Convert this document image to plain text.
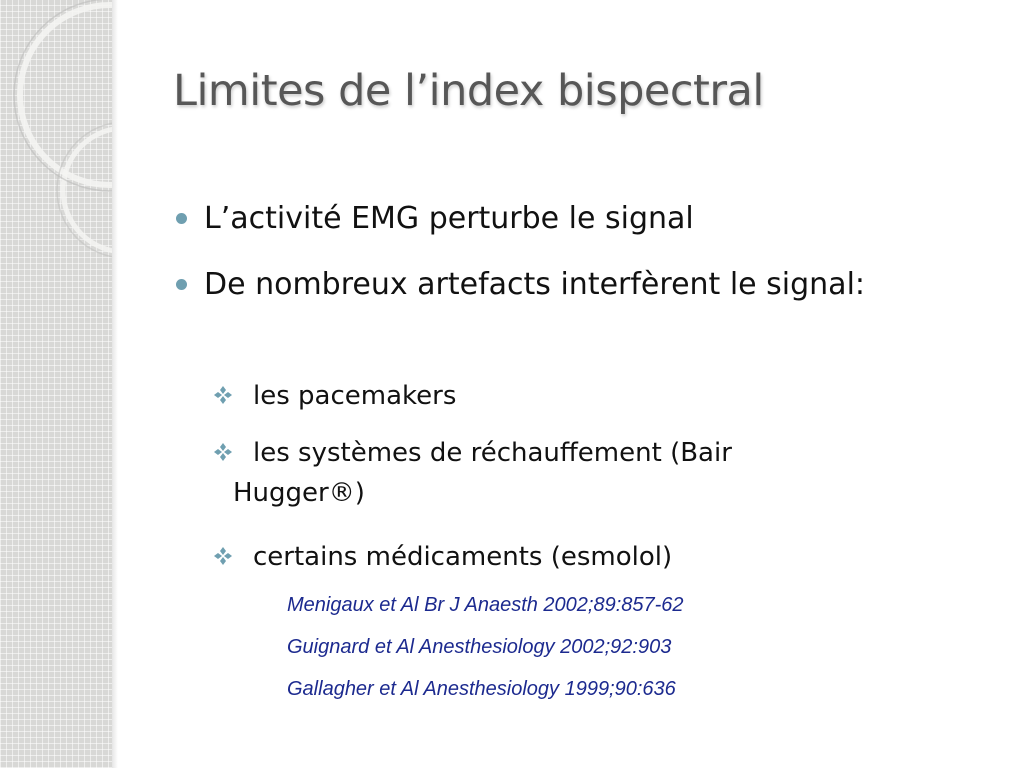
Limites de l’index bispectral
L’activité EMG perturbe le signal
De nombreux artefacts interfèrent le signal:
les pacemakers
les systèmes de réchauffement (Bair
Hugger®)
certains médicaments (esmolol)
Menigaux et Al Br J Anaesth 2002;89:857-62
Guignard et Al Anesthesiology 2002;92:903
Gallagher et Al Anesthesiology 1999;90:636
